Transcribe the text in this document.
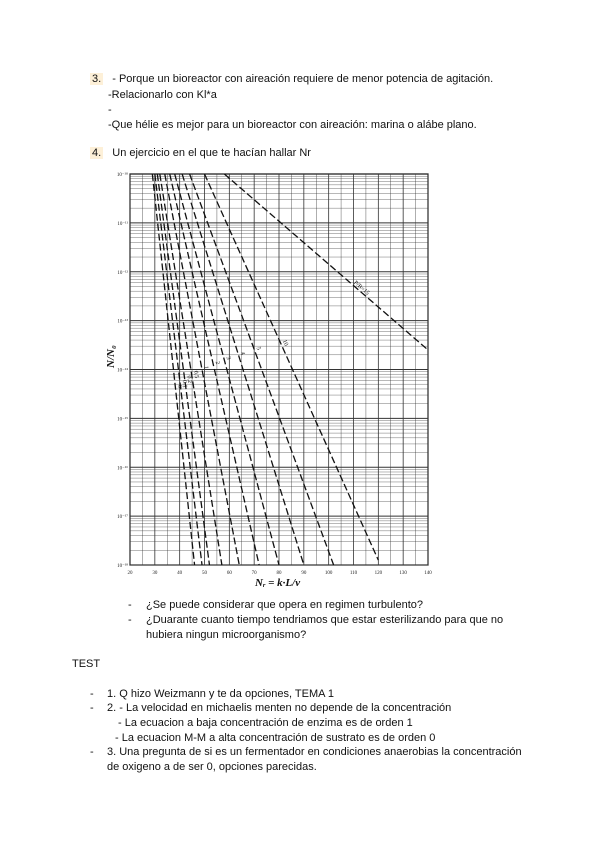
3. - Porque un bioreactor con aireación requiere de menor potencia de agitación.
-Relacionarlo con Kl*a
-
-Que hélie es mejor para un bioreactor con aireación: marina o alábe plano.
4. Un ejercicio en el que te hacían hallar Nr
P/B=15
10
5
4
3
2
1
0.5
0.2
0.1
0
20	30	40	50	60	70	80	90	100	110	120	130	140
10⁻¹⁰
10⁻¹¹
10⁻¹²
10⁻¹³
10⁻¹⁴
10⁻¹⁵
10⁻¹⁶
10⁻¹⁷
10⁻¹⁸
N/N₀
Nᵣ = k·L/v
- ¿Se puede considerar que opera en regimen turbulento?
- ¿Duarante cuanto tiempo tendriamos que estar esterilizando para que no
hubiera ningun microorganismo?
TEST
- 1. Q hizo Weizmann y te da opciones, TEMA 1
- 2. - La velocidad en michaelis menten no depende de la concentración
- La ecuacion a baja concentración de enzima es de orden 1
- La ecuacion M-M a alta concentración de sustrato es de orden 0
- 3. Una pregunta de si es un fermentador en condiciones anaerobias la concentración
de oxigeno a de ser 0, opciones parecidas.
